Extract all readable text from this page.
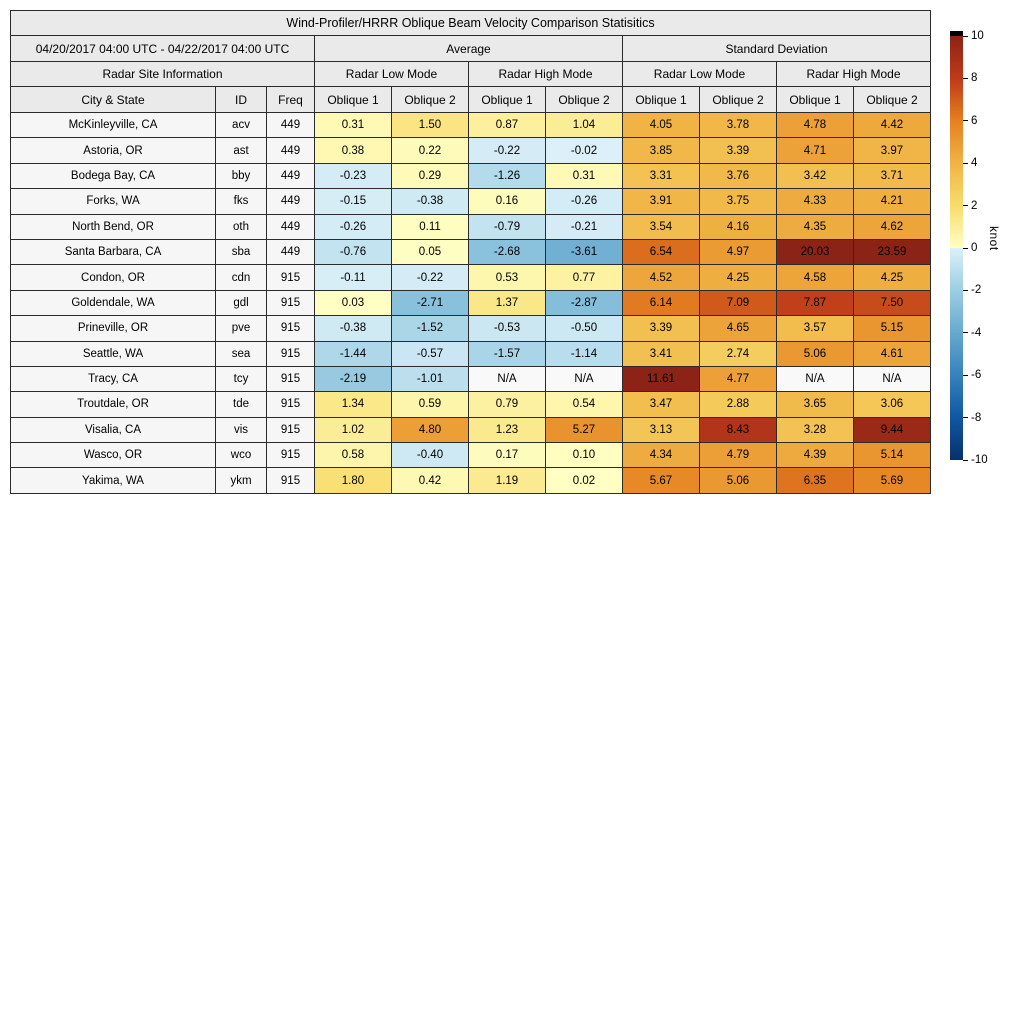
Wind-Profiler/HRRR Oblique Beam Velocity Comparison Statisitics										
04/20/2017 04:00 UTC - 04/22/2017 04:00 UTC			Average				Standard Deviation			
Radar Site Information			Radar Low Mode		Radar High Mode		Radar Low Mode		Radar High Mode	
City & State	ID	Freq	Oblique 1	Oblique 2	Oblique 1	Oblique 2	Oblique 1	Oblique 2	Oblique 1	Oblique 2
McKinleyville, CA	acv	449	0.31	1.50	0.87	1.04	4.05	3.78	4.78	4.42
Astoria, OR	ast	449	0.38	0.22	-0.22	-0.02	3.85	3.39	4.71	3.97
Bodega Bay, CA	bby	449	-0.23	0.29	-1.26	0.31	3.31	3.76	3.42	3.71
Forks, WA	fks	449	-0.15	-0.38	0.16	-0.26	3.91	3.75	4.33	4.21
North Bend, OR	oth	449	-0.26	0.11	-0.79	-0.21	3.54	4.16	4.35	4.62
Santa Barbara, CA	sba	449	-0.76	0.05	-2.68	-3.61	6.54	4.97	20.03	23.59
Condon, OR	cdn	915	-0.11	-0.22	0.53	0.77	4.52	4.25	4.58	4.25
Goldendale, WA	gdl	915	0.03	-2.71	1.37	-2.87	6.14	7.09	7.87	7.50
Prineville, OR	pve	915	-0.38	-1.52	-0.53	-0.50	3.39	4.65	3.57	5.15
Seattle, WA	sea	915	-1.44	-0.57	-1.57	-1.14	3.41	2.74	5.06	4.61
Tracy, CA	tcy	915	-2.19	-1.01	N/A	N/A	11.61	4.77	N/A	N/A
Troutdale, OR	tde	915	1.34	0.59	0.79	0.54	3.47	2.88	3.65	3.06
Visalia, CA	vis	915	1.02	4.80	1.23	5.27	3.13	8.43	3.28	9.44
Wasco, OR	wco	915	0.58	-0.40	0.17	0.10	4.34	4.79	4.39	5.14
Yakima, WA	ykm	915	1.80	0.42	1.19	0.02	5.67	5.06	6.35	5.69
10
8
6
4
2
0
-2
-4
-6
-8
-10
knot
